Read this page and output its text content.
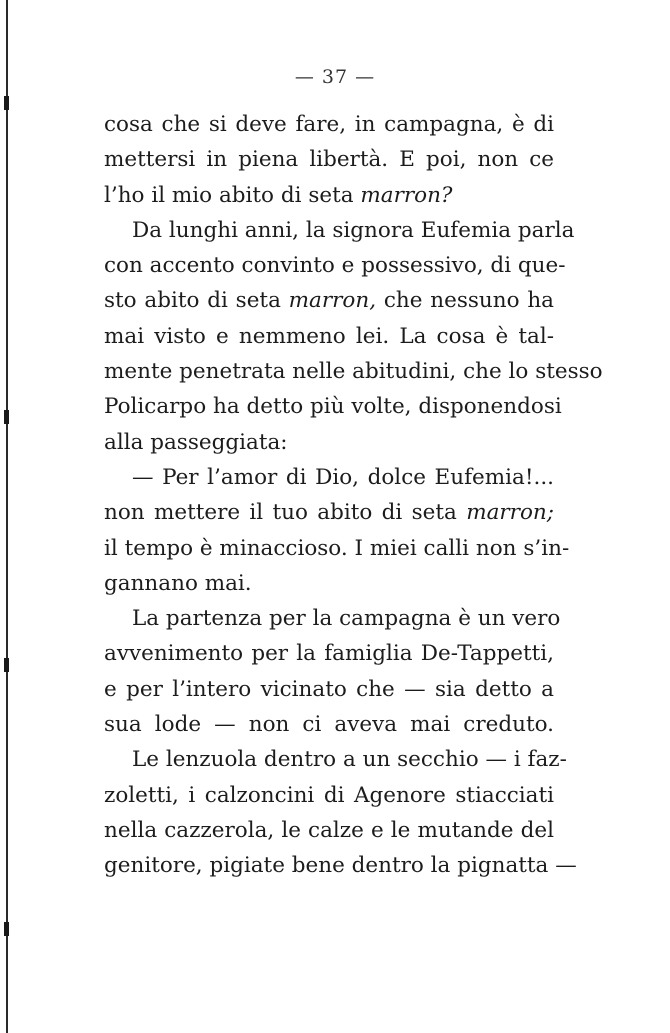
— 37 —
cosa che si deve fare, in campagna, è di
mettersi in piena libertà. E poi, non ce
l’ho il mio abito di seta marron?
Da lunghi anni, la signora Eufemia parla
con accento convinto e possessivo, di que-
sto abito di seta marron, che nessuno ha
mai visto e nemmeno lei. La cosa è tal-
mente penetrata nelle abitudini, che lo stesso
Policarpo ha detto più volte, disponendosi
alla passeggiata:
— Per l’amor di Dio, dolce Eufemia!...
non mettere il tuo abito di seta marron;
il tempo è minaccioso. I miei calli non s’in-
gannano mai.
La partenza per la campagna è un vero
avvenimento per la famiglia De-Tappetti,
e per l’intero vicinato che — sia detto a
sua lode — non ci aveva mai creduto.
Le lenzuola dentro a un secchio — i faz-
zoletti, i calzoncini di Agenore stiacciati
nella cazzerola, le calze e le mutande del
genitore, pigiate bene dentro la pignatta —
